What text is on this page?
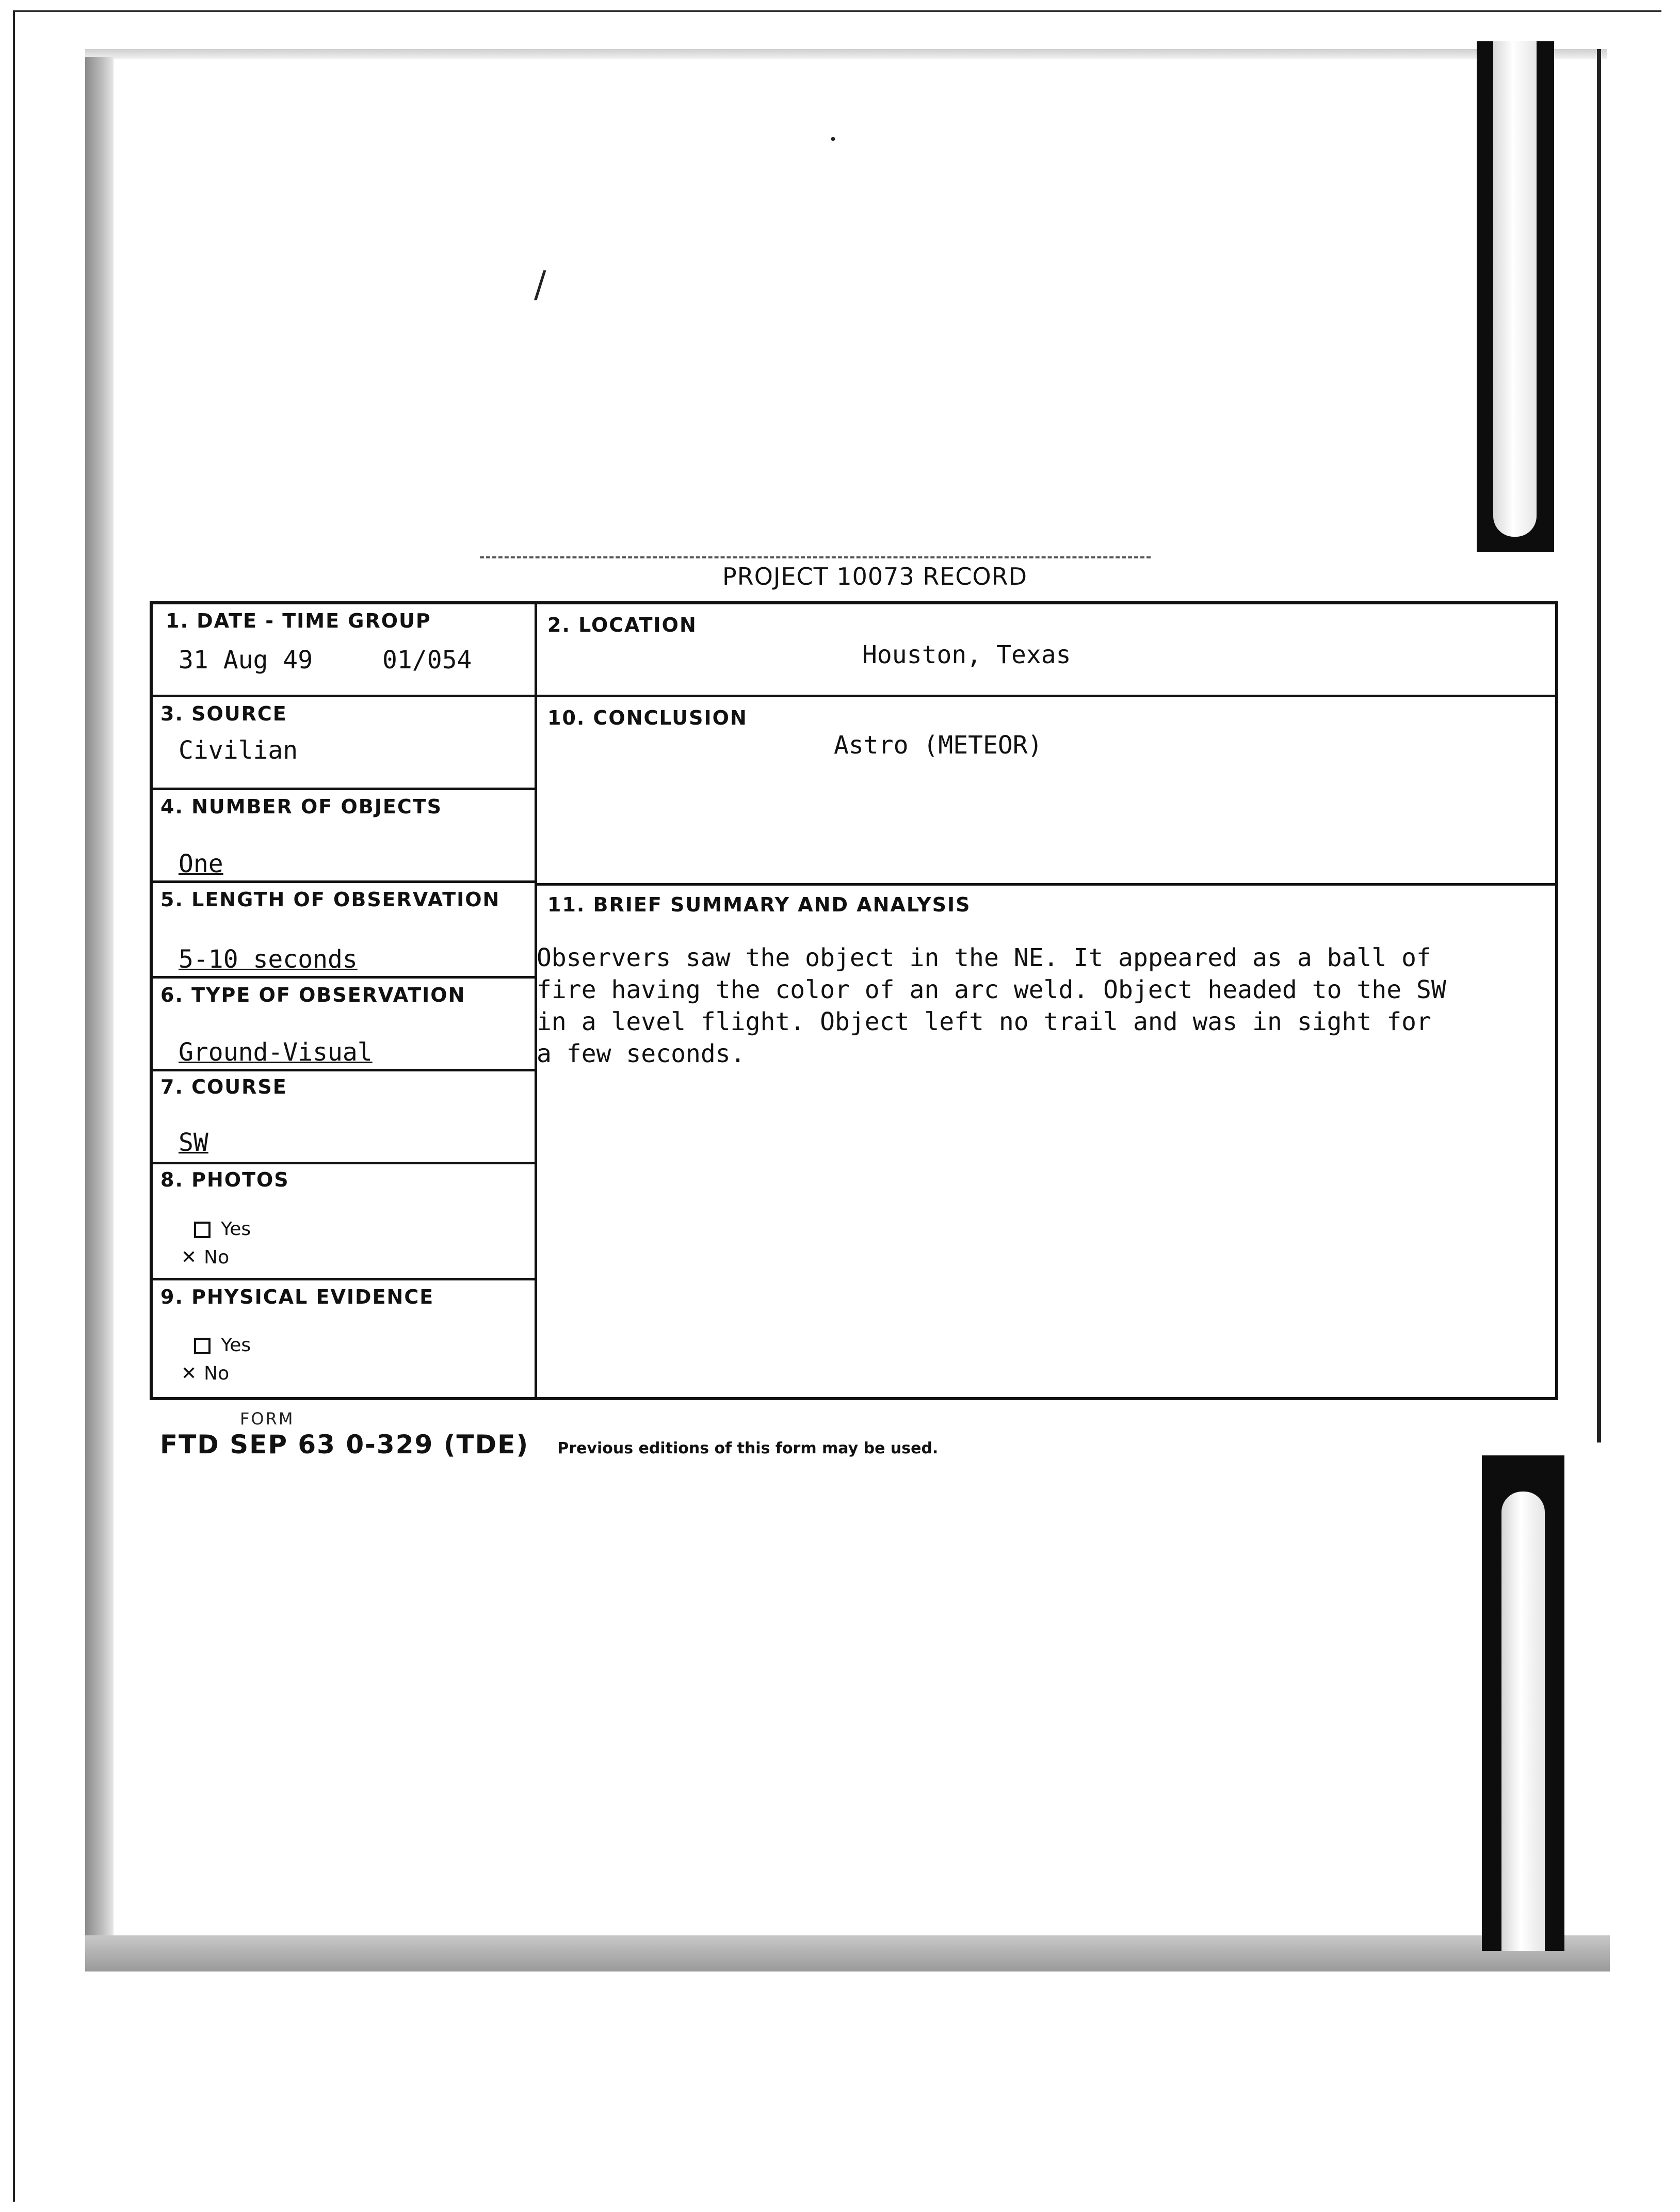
/
·
PROJECT 10073 RECORD
1. DATE - TIME GROUP
31 Aug 49	01/054
2. LOCATION
Houston, Texas
3. SOURCE
Civilian
10. CONCLUSION
Astro (METEOR)
4. NUMBER OF OBJECTS
One
5. LENGTH OF OBSERVATION
5-10 seconds
11. BRIEF SUMMARY AND ANALYSIS
6. TYPE OF OBSERVATION
Ground-Visual
7. COURSE
SW
8. PHOTOS
Yes
✕ No
9. PHYSICAL EVIDENCE
Yes
✕ No
Observers saw the object in the NE. It appeared as a ball of
fire having the color of an arc weld. Object headed to the SW
in a level flight. Object left no trail and was in sight for
a few seconds.
FORM
FTD SEP 63 0-329 (TDE) Previous editions of this form may be used.
